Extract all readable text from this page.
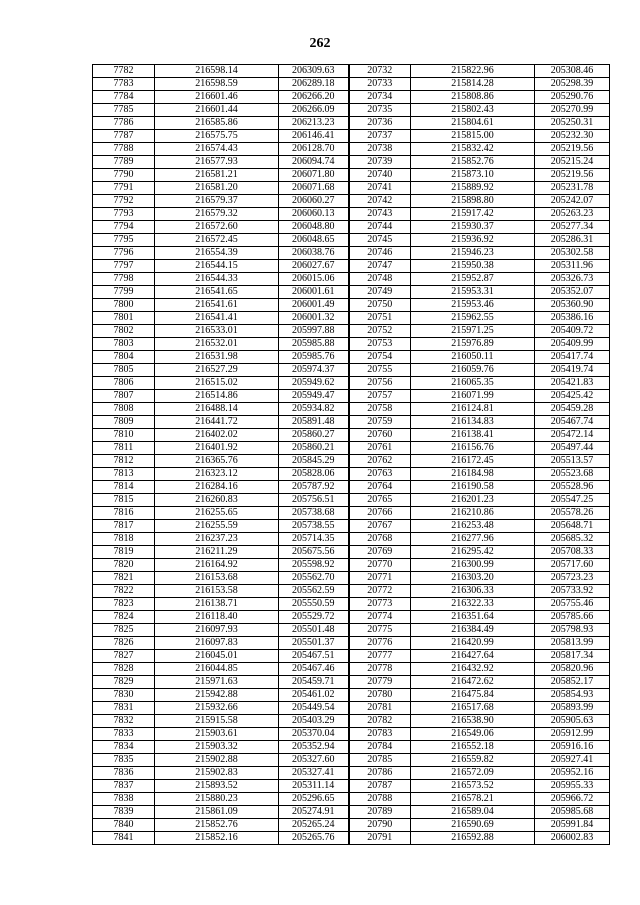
262
7782	216598.14	206309.63	20732	215822.96	205308.46
7783	216598.59	206289.18	20733	215814.28	205298.39
7784	216601.46	206266.20	20734	215808.86	205290.76
7785	216601.44	206266.09	20735	215802.43	205270.99
7786	216585.86	206213.23	20736	215804.61	205250.31
7787	216575.75	206146.41	20737	215815.00	205232.30
7788	216574.43	206128.70	20738	215832.42	205219.56
7789	216577.93	206094.74	20739	215852.76	205215.24
7790	216581.21	206071.80	20740	215873.10	205219.56
7791	216581.20	206071.68	20741	215889.92	205231.78
7792	216579.37	206060.27	20742	215898.80	205242.07
7793	216579.32	206060.13	20743	215917.42	205263.23
7794	216572.60	206048.80	20744	215930.37	205277.34
7795	216572.45	206048.65	20745	215936.92	205286.31
7796	216554.39	206038.76	20746	215946.23	205302.58
7797	216544.15	206027.67	20747	215950.38	205311.96
7798	216544.33	206015.06	20748	215952.87	205326.73
7799	216541.65	206001.61	20749	215953.31	205352.07
7800	216541.61	206001.49	20750	215953.46	205360.90
7801	216541.41	206001.32	20751	215962.55	205386.16
7802	216533.01	205997.88	20752	215971.25	205409.72
7803	216532.01	205985.88	20753	215976.89	205409.99
7804	216531.98	205985.76	20754	216050.11	205417.74
7805	216527.29	205974.37	20755	216059.76	205419.74
7806	216515.02	205949.62	20756	216065.35	205421.83
7807	216514.86	205949.47	20757	216071.99	205425.42
7808	216488.14	205934.82	20758	216124.81	205459.28
7809	216441.72	205891.48	20759	216134.83	205467.74
7810	216402.02	205860.27	20760	216138.41	205472.14
7811	216401.92	205860.21	20761	216156.76	205497.44
7812	216365.76	205845.29	20762	216172.45	205513.57
7813	216323.12	205828.06	20763	216184.98	205523.68
7814	216284.16	205787.92	20764	216190.58	205528.96
7815	216260.83	205756.51	20765	216201.23	205547.25
7816	216255.65	205738.68	20766	216210.86	205578.26
7817	216255.59	205738.55	20767	216253.48	205648.71
7818	216237.23	205714.35	20768	216277.96	205685.32
7819	216211.29	205675.56	20769	216295.42	205708.33
7820	216164.92	205598.92	20770	216300.99	205717.60
7821	216153.68	205562.70	20771	216303.20	205723.23
7822	216153.58	205562.59	20772	216306.33	205733.92
7823	216138.71	205550.59	20773	216322.33	205755.46
7824	216118.40	205529.72	20774	216351.64	205785.66
7825	216097.93	205501.48	20775	216384.49	205798.93
7826	216097.83	205501.37	20776	216420.99	205813.99
7827	216045.01	205467.51	20777	216427.64	205817.34
7828	216044.85	205467.46	20778	216432.92	205820.96
7829	215971.63	205459.71	20779	216472.62	205852.17
7830	215942.88	205461.02	20780	216475.84	205854.93
7831	215932.66	205449.54	20781	216517.68	205893.99
7832	215915.58	205403.29	20782	216538.90	205905.63
7833	215903.61	205370.04	20783	216549.06	205912.99
7834	215903.32	205352.94	20784	216552.18	205916.16
7835	215902.88	205327.60	20785	216559.82	205927.41
7836	215902.83	205327.41	20786	216572.09	205952.16
7837	215893.52	205311.14	20787	216573.52	205955.33
7838	215880.23	205296.65	20788	216578.21	205966.72
7839	215861.09	205274.91	20789	216589.04	205985.68
7840	215852.76	205265.24	20790	216590.69	205991.84
7841	215852.16	205265.76	20791	216592.88	206002.83
